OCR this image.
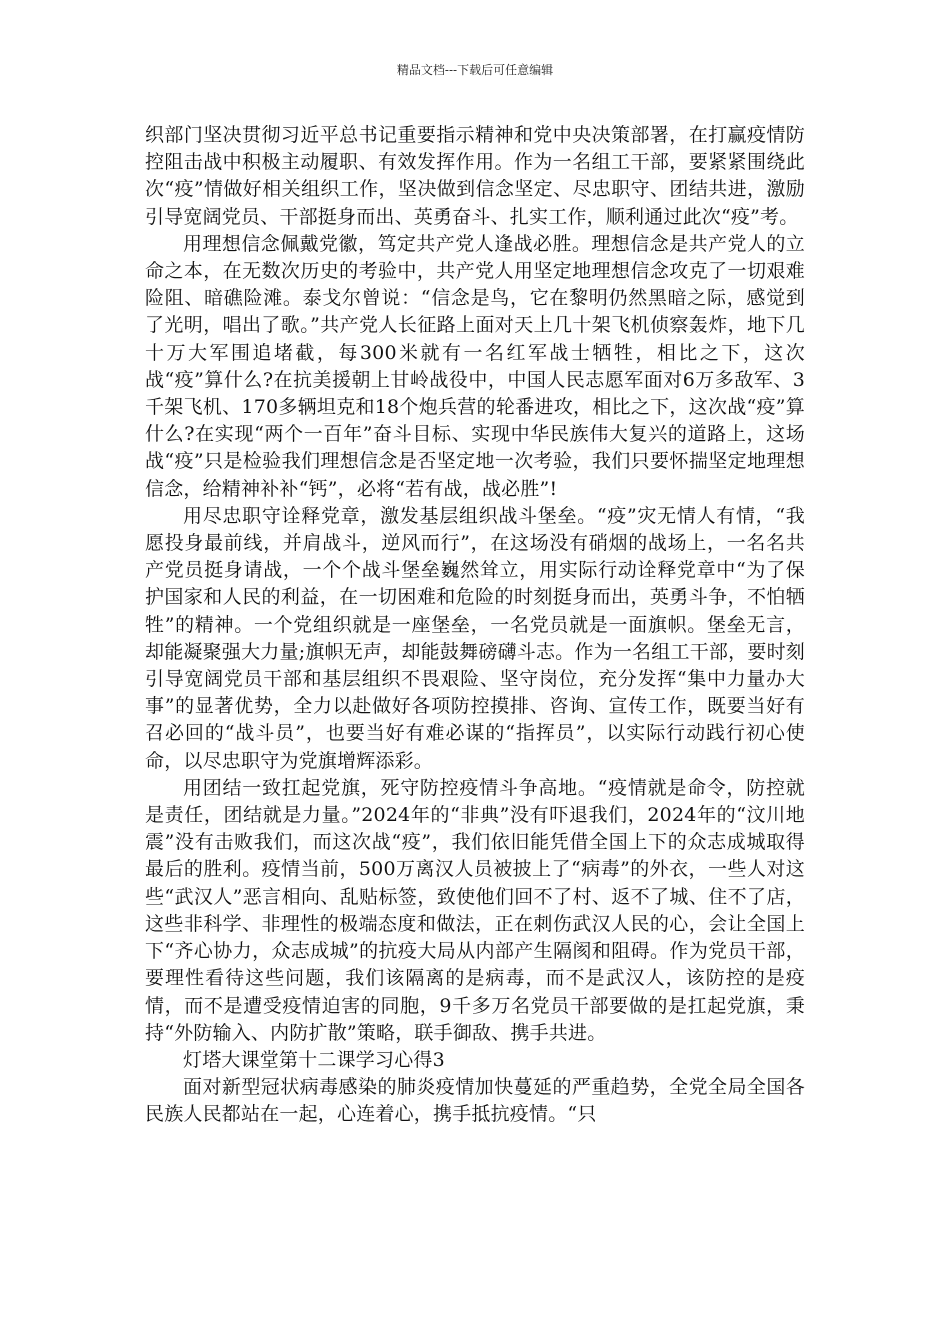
精品文档---下载后可任意编辑

织部门坚决贯彻习近平总书记重要指示精神和党中央决策部署，在打赢疫情防控阻击战中积极主动履职、有效发挥作用。作为一名组工干部，要紧紧围绕此次“疫”情做好相关组织工作，坚决做到信念坚定、尽忠职守、团结共进，激励引导宽阔党员、干部挺身而出、英勇奋斗、扎实工作，顺利通过此次“疫”考。

用理想信念佩戴党徽，笃定共产党人逢战必胜。理想信念是共产党人的立命之本，在无数次历史的考验中，共产党人用坚定地理想信念攻克了一切艰难险阻、暗礁险滩。泰戈尔曾说：“信念是鸟，它在黎明仍然黑暗之际，感觉到了光明，唱出了歌。”共产党人长征路上面对天上几十架飞机侦察轰炸，地下几十万大军围追堵截，每300米就有一名红军战士牺牲，相比之下，这次战“疫”算什么?在抗美援朝上甘岭战役中，中国人民志愿军面对6万多敌军、3千架飞机、170多辆坦克和18个炮兵营的轮番进攻，相比之下，这次战“疫”算什么?在实现“两个一百年”奋斗目标、实现中华民族伟大复兴的道路上，这场战“疫”只是检验我们理想信念是否坚定地一次考验，我们只要怀揣坚定地理想信念，给精神补补“钙”，必将“若有战，战必胜”!

用尽忠职守诠释党章，激发基层组织战斗堡垒。“疫”灾无情人有情，“我愿投身最前线，并肩战斗，逆风而行”，在这场没有硝烟的战场上，一名名共产党员挺身请战，一个个战斗堡垒巍然耸立，用实际行动诠释党章中“为了保护国家和人民的利益，在一切困难和危险的时刻挺身而出，英勇斗争，不怕牺牲”的精神。一个党组织就是一座堡垒，一名党员就是一面旗帜。堡垒无言，却能凝聚强大力量;旗帜无声，却能鼓舞磅礴斗志。作为一名组工干部，要时刻引导宽阔党员干部和基层组织不畏艰险、坚守岗位，充分发挥“集中力量办大事”的显著优势，全力以赴做好各项防控摸排、咨询、宣传工作，既要当好有召必回的“战斗员”，也要当好有难必谋的“指挥员”，以实际行动践行初心使命，以尽忠职守为党旗增辉添彩。

用团结一致扛起党旗，死守防控疫情斗争高地。“疫情就是命令，防控就是责任，团结就是力量。”2024年的“非典”没有吓退我们，2024年的“汶川地震”没有击败我们，而这次战“疫”，我们依旧能凭借全国上下的众志成城取得最后的胜利。疫情当前，500万离汉人员被披上了“病毒”的外衣，一些人对这些“武汉人”恶言相向、乱贴标签，致使他们回不了村、返不了城、住不了店，这些非科学、非理性的极端态度和做法，正在刺伤武汉人民的心，会让全国上下“齐心协力，众志成城”的抗疫大局从内部产生隔阂和阻碍。作为党员干部，要理性看待这些问题，我们该隔离的是病毒，而不是武汉人，该防控的是疫情，而不是遭受疫情迫害的同胞，9千多万名党员干部要做的是扛起党旗，秉持“外防输入、内防扩散”策略，联手御敌、携手共进。

灯塔大课堂第十二课学习心得3

面对新型冠状病毒感染的肺炎疫情加快蔓延的严重趋势，全党全局全国各民族人民都站在一起，心连着心，携手抵抗疫情。“只
